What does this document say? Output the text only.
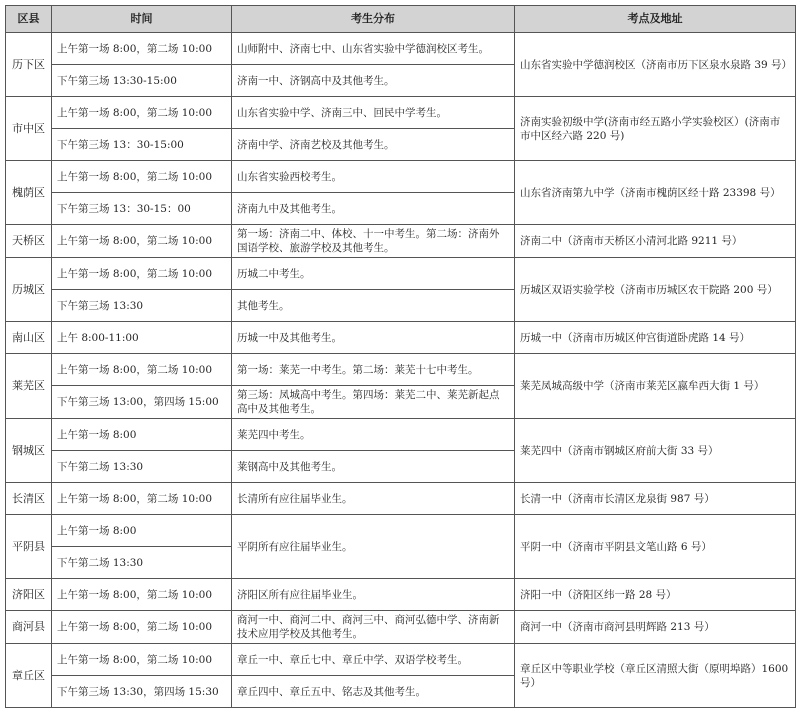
区县	时间	考生分布	考点及地址
历下区	上午第一场 8:00，第二场 10:00	山师附中、济南七中、山东省实验中学德润校区考生。	山东省实验中学德润校区（济南市历下区泉水泉路 39 号）
	下午第三场 13:30-15:00	济南一中、济钢高中及其他考生。	
市中区	上午第一场 8:00，第二场 10:00	山东省实验中学、济南三中、回民中学考生。	济南实验初级中学(济南市经五路小学实验校区）(济南市市中区经六路 220 号)
	下午第三场 13：30-15:00	济南中学、济南艺校及其他考生。	
槐荫区	上午第一场 8:00，第二场 10:00	山东省实验西校考生。	山东省济南第九中学（济南市槐荫区经十路 23398 号）
	下午第三场 13：30-15：00	济南九中及其他考生。	
天桥区	上午第一场 8:00，第二场 10:00	第一场：济南二中、体校、十一中考生。第二场：济南外国语学校、旅游学校及其他考生。	济南二中（济南市天桥区小清河北路 9211 号）
历城区	上午第一场 8:00，第二场 10:00	历城二中考生。	历城区双语实验学校（济南市历城区农干院路 200 号）
	下午第三场 13:30	其他考生。	
南山区	上午 8:00-11:00	历城一中及其他考生。	历城一中（济南市历城区仲宫街道卧虎路 14 号）
莱芜区	上午第一场 8:00，第二场 10:00	第一场：莱芜一中考生。第二场：莱芜十七中考生。	莱芜凤城高级中学（济南市莱芜区嬴牟西大街 1 号）
	下午第三场 13:00，第四场 15:00	第三场：凤城高中考生。第四场：莱芜二中、莱芜新起点高中及其他考生。	
钢城区	上午第一场 8:00	莱芜四中考生。	莱芜四中（济南市钢城区府前大街 33 号）
	下午第二场 13:30	莱钢高中及其他考生。	
长清区	上午第一场 8:00，第二场 10:00	长清所有应往届毕业生。	长清一中（济南市长清区龙泉街 987 号）
平阴县	上午第一场 8:00	平阴所有应往届毕业生。	平阴一中（济南市平阴县文笔山路 6 号）
	下午第二场 13:30		
济阳区	上午第一场 8:00，第二场 10:00	济阳区所有应往届毕业生。	济阳一中（济阳区纬一路 28 号）
商河县	上午第一场 8:00，第二场 10:00	商河一中、商河二中、商河三中、商河弘德中学、济南新技术应用学校及其他考生。	商河一中（济南市商河县明辉路 213 号）
章丘区	上午第一场 8:00，第二场 10:00	章丘一中、章丘七中、章丘中学、双语学校考生。	章丘区中等职业学校（章丘区清照大街（原明埠路）1600 号）
	下午第三场 13:30，第四场 15:30	章丘四中、章丘五中、铭志及其他考生。	
